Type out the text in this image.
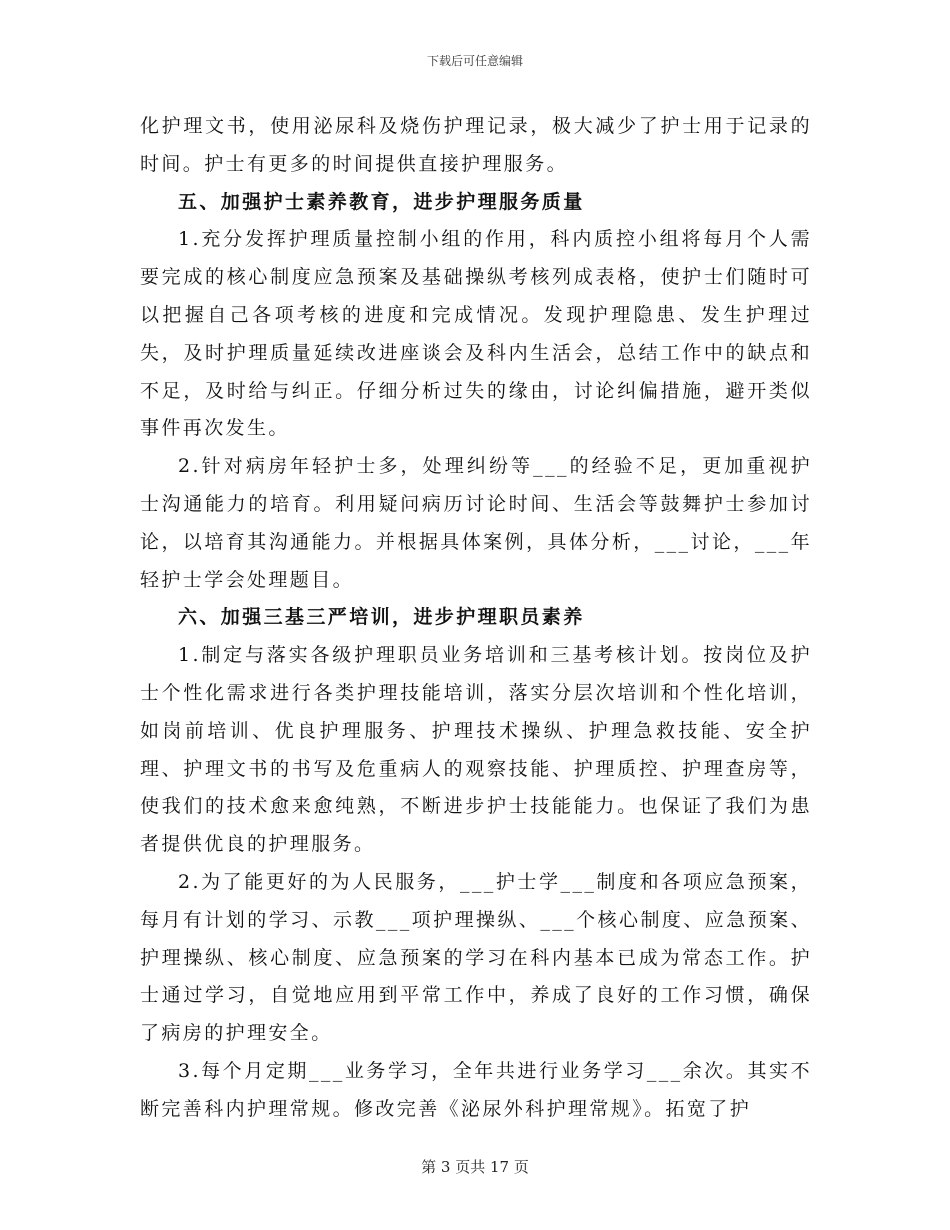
下载后可任意编辑

化护理文书，使用泌尿科及烧伤护理记录，极大减少了护士用于记录的时间。护士有更多的时间提供直接护理服务。

五、加强护士素养教育，进步护理服务质量

1.充分发挥护理质量控制小组的作用，科内质控小组将每月个人需要完成的核心制度应急预案及基础操纵考核列成表格，使护士们随时可以把握自己各项考核的进度和完成情况。发现护理隐患、发生护理过失，及时护理质量延续改进座谈会及科内生活会，总结工作中的缺点和不足，及时给与纠正。仔细分析过失的缘由，讨论纠偏措施，避开类似事件再次发生。

2.针对病房年轻护士多，处理纠纷等___的经验不足，更加重视护士沟通能力的培育。利用疑问病历讨论时间、生活会等鼓舞护士参加讨论，以培育其沟通能力。并根据具体案例，具体分析，___讨论，___年轻护士学会处理题目。

六、加强三基三严培训，进步护理职员素养

1.制定与落实各级护理职员业务培训和三基考核计划。按岗位及护士个性化需求进行各类护理技能培训，落实分层次培训和个性化培训，如岗前培训、优良护理服务、护理技术操纵、护理急救技能、安全护理、护理文书的书写及危重病人的观察技能、护理质控、护理查房等，使我们的技术愈来愈纯熟，不断进步护士技能能力。也保证了我们为患者提供优良的护理服务。

2.为了能更好的为人民服务，___护士学___制度和各项应急预案，每月有计划的学习、示教___项护理操纵、___个核心制度、应急预案、护理操纵、核心制度、应急预案的学习在科内基本已成为常态工作。护士通过学习，自觉地应用到平常工作中，养成了良好的工作习惯，确保了病房的护理安全。

3.每个月定期___业务学习，全年共进行业务学习___余次。其实不断完善科内护理常规。修改完善《泌尿外科护理常规》。拓宽了护

第 3 页共 17 页
